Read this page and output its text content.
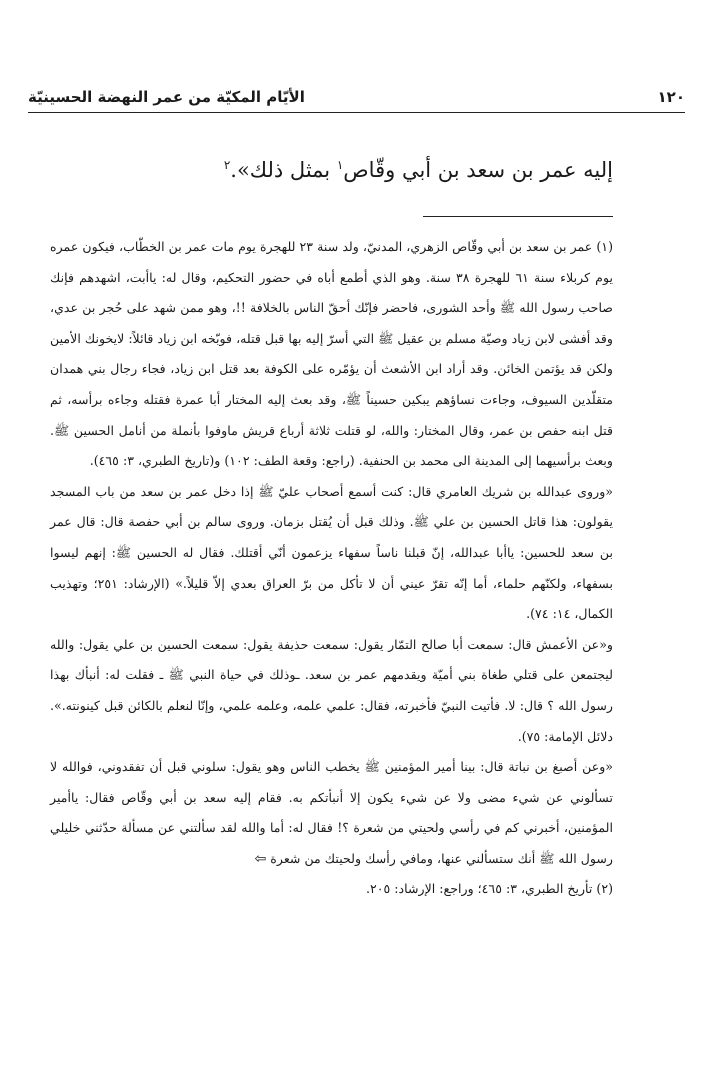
١٢٠
الأيّام المكيّة من عمر النهضة الحسينيّة
إليه عمر بن سعد بن أبي وقّاص$^١$ بمثل ذلك».$^٢$

(١) عمر بن سعد بن أبي وقّاص الزهري، المدنيّ، ولد سنة ٢٣ للهجرة يوم مات عمر بن الخطّاب، فيكون عمره يوم كربلاء سنة ٦١ للهجرة ٣٨ سنة. وهو الذي أطمع أباه في حضور التحكيم، وقال له: ياأبت، اشهدهم فإنك صاحب رسول الله ﷺ وأحد الشورى، فاحضر فإنّك أحقّ الناس بالخلافة !!، وهو ممن شهد على حُجر بن عدي، وقد أفشى لابن زياد وصيّة مسلم بن عقيل ﷺ التي أسرّ إليه بها قبل قتله، فوبّخه ابن زياد قائلاً: لايخونك الأمين ولكن قد يؤتمن الخائن. وقد أراد ابن الأشعث أن يؤمّره على الكوفة بعد قتل ابن زياد، فجاء رجال بني همدان متقلّدين السيوف، وجاءت نساؤهم يبكين حسيناً ﷺ، وقد بعث إليه المختار أبا عمرة فقتله وجاءه برأسه، ثم قتل ابنه حفص بن عمر، وقال المختار: والله، لو قتلت ثلاثة أرباع قريش ماوفوا بأنملة من أنامل الحسين ﷺ. وبعث برأسيهما إلى المدينة الى محمد بن الحنفية. (راجع: وقعة الطف: ١٠٢) و(تاريخ الطبري، ٣: ٤٦٥).

«وروى عبدالله بن شريك العامري قال: كنت أسمع أصحاب عليّ ﷺ إذا دخل عمر بن سعد من باب المسجد يقولون: هذا قاتل الحسين بن علي ﷺ. وذلك قبل أن يُقتل بزمان. وروى سالم بن أبي حفصة قال: قال عمر بن سعد للحسين: ياأبا عبدالله، إنّ قبلنا ناساً سفهاء يزعمون أنّي أقتلك. فقال له الحسين ﷺ: إنهم ليسوا بسفهاء، ولكنّهم حلماء، أما إنّه تقرّ عيني أن لا تأكل من برّ العراق بعدي إلاّ قليلاً.» (الإرشاد: ٢٥١؛ وتهذيب الكمال، ١٤: ٧٤).

و«عن الأعمش قال: سمعت أبا صالح التمّار يقول: سمعت حذيفة يقول: سمعت الحسين بن علي يقول: والله ليجتمعن على قتلي طغاة بني أميّة ويقدمهم عمر بن سعد. ـوذلك في حياة النبي ﷺ ـ فقلت له: أنبأك بهذا رسول الله ؟ قال: لا. فأتيت النبيّ فأخبرته، فقال: علمي علمه، وعلمه علمي، وإنّا لنعلم بالكائن قبل كينونته.». دلائل الإمامة: ٧٥).

«وعن أصبغ بن نباتة قال: بينا أمير المؤمنين ﷺ يخطب الناس وهو يقول: سلوني قبل أن تفقدوني، فوالله لا تسألوني عن شيء مضى ولا عن شيء يكون إلا أنبأتكم به. فقام إليه سعد بن أبي وقّاص فقال: ياأمير المؤمنين، أخبرني كم في رأسي ولحيتي من شعرة ؟! فقال له: أما والله لقد سألتني عن مسألة حدّثني خليلي رسول الله ﷺ أنك ستسألني عنها، ومافي رأسك ولحيتك من شعرة ⇦

(٢) تأريخ الطبري، ٣: ٤٦٥؛ وراجع: الإرشاد: ٢٠٥.
